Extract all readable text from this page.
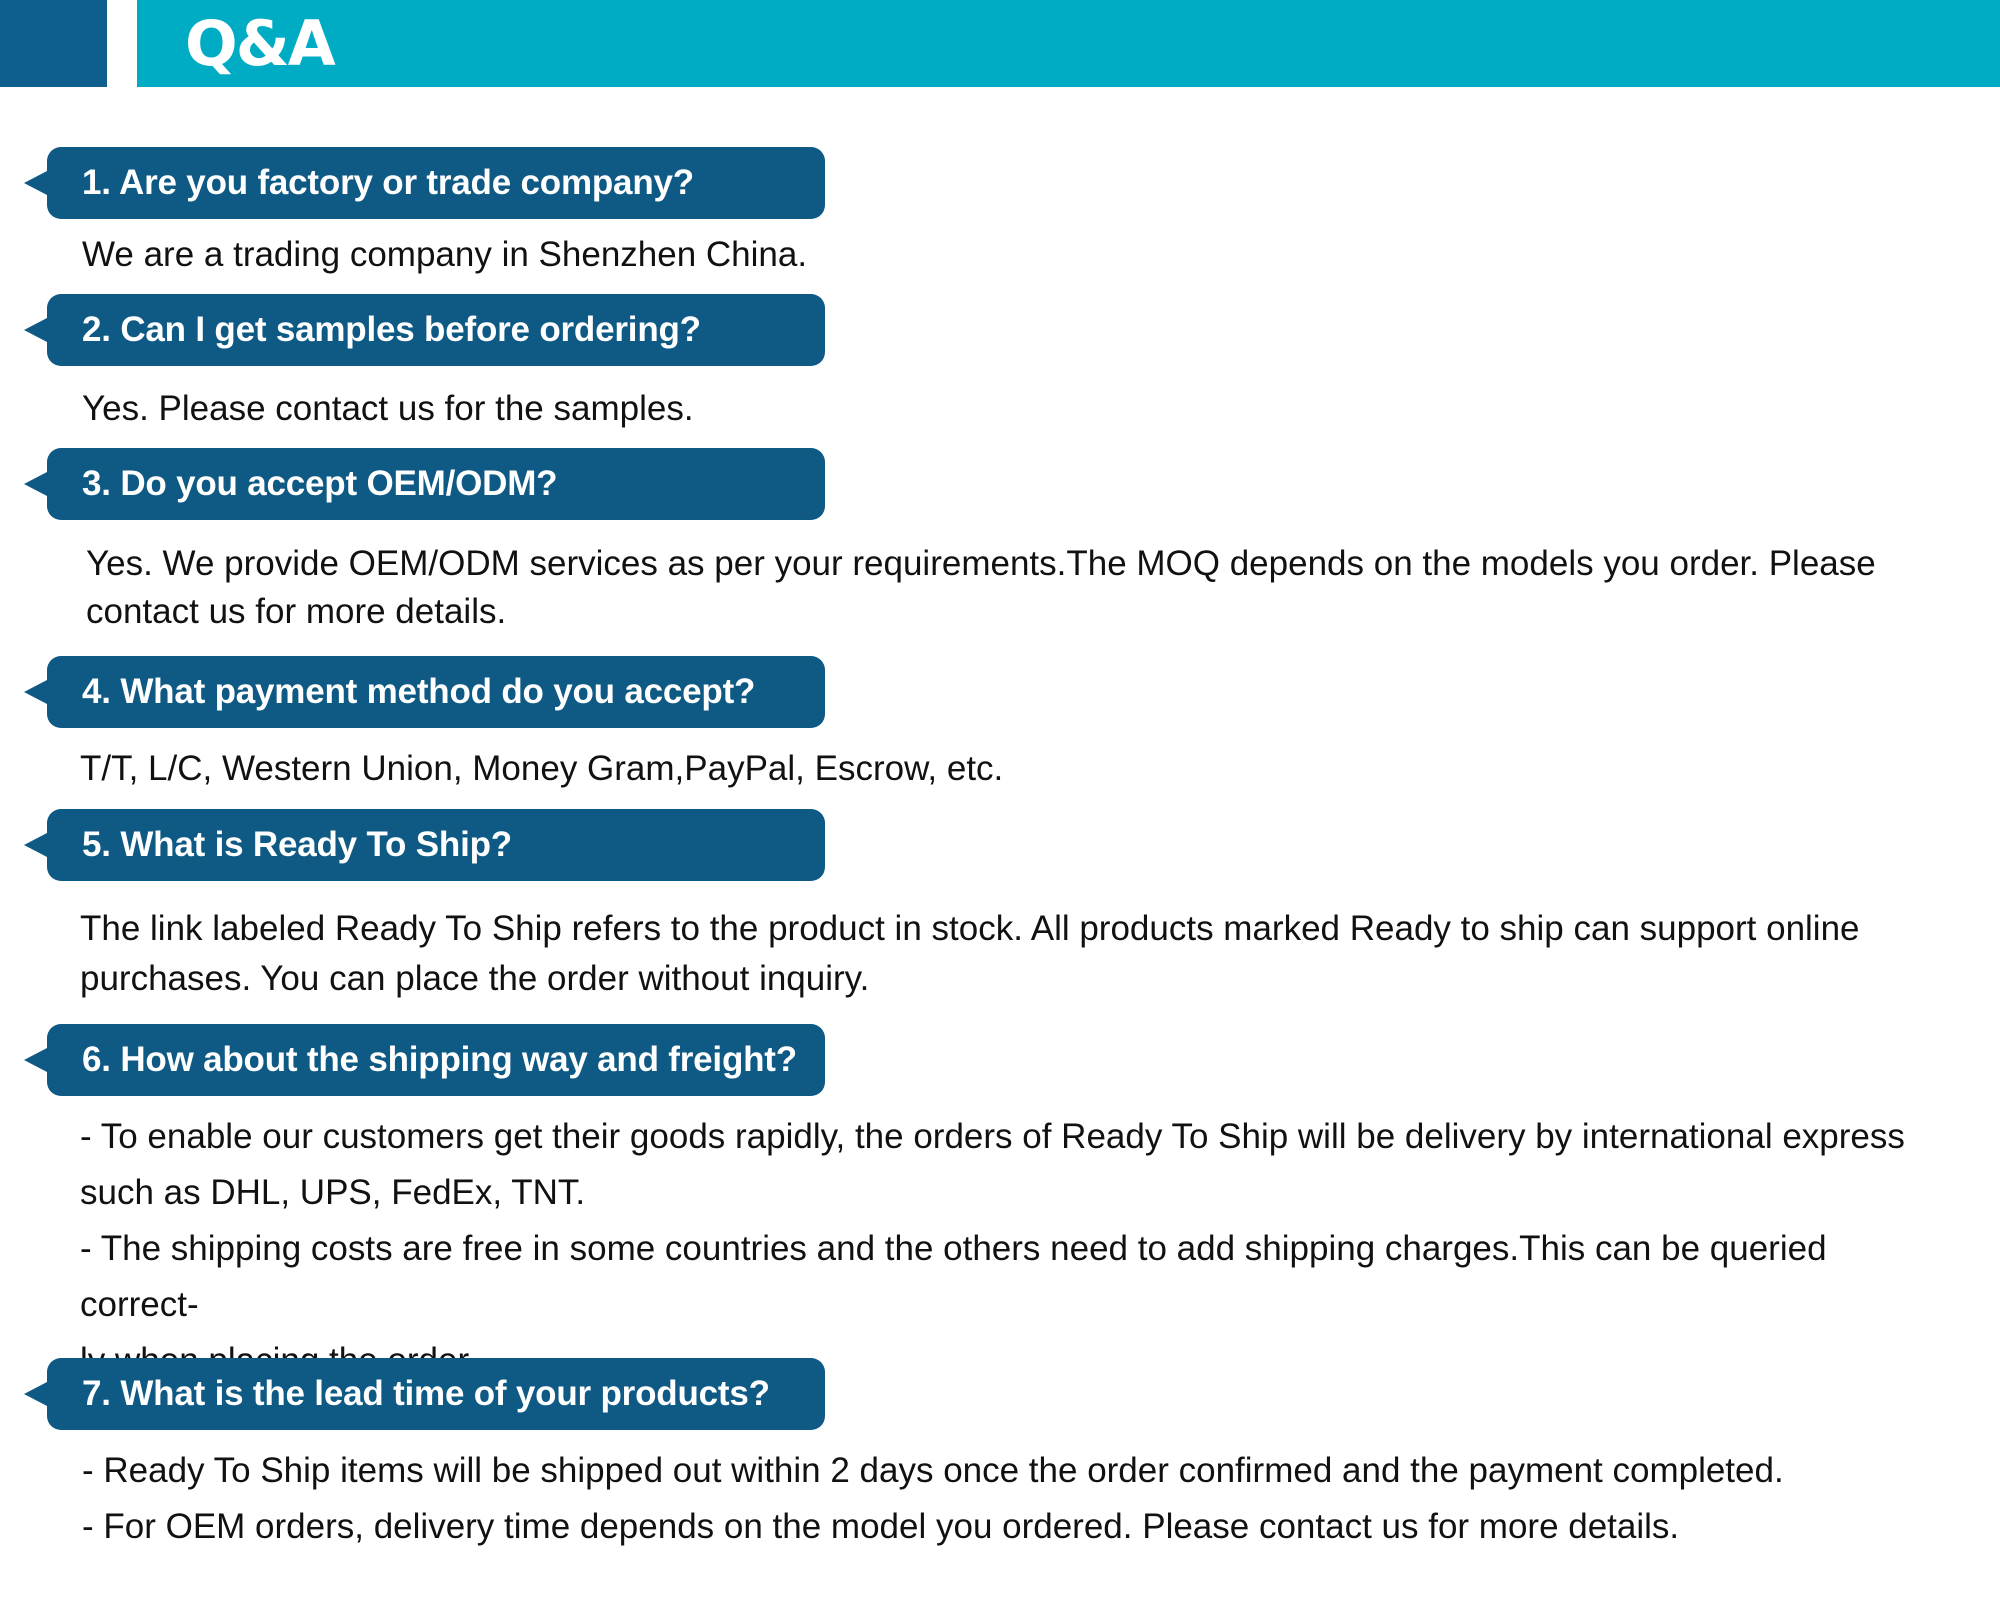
Q&A
1. Are you factory or trade company?

We are a trading company in Shenzhen China.

2. Can I get samples before ordering?

Yes. Please contact us for the samples.

3. Do you accept OEM/ODM?

Yes. We provide OEM/ODM services as per your requirements.The MOQ depends on the models you order. Please

contact us for more details.

4. What payment method do you accept?

T/T, L/C, Western Union, Money Gram,PayPal, Escrow, etc.

5. What is Ready To Ship?

The link labeled Ready To Ship refers to the product in stock. All products marked Ready to ship can support online

purchases. You can place the order without inquiry.

6. How about the shipping way and freight?

- To enable our customers get their goods rapidly, the orders of Ready To Ship will be delivery by international express

such as DHL, UPS, FedEx, TNT.

- The shipping costs are free in some countries and the others need to add shipping charges.This can be queried correct-

7. What is the lead time of your products?

- Ready To Ship items will be shipped out within 2 days once the order confirmed and the payment completed.

- For OEM orders, delivery time depends on the model you ordered. Please contact us for more details.
